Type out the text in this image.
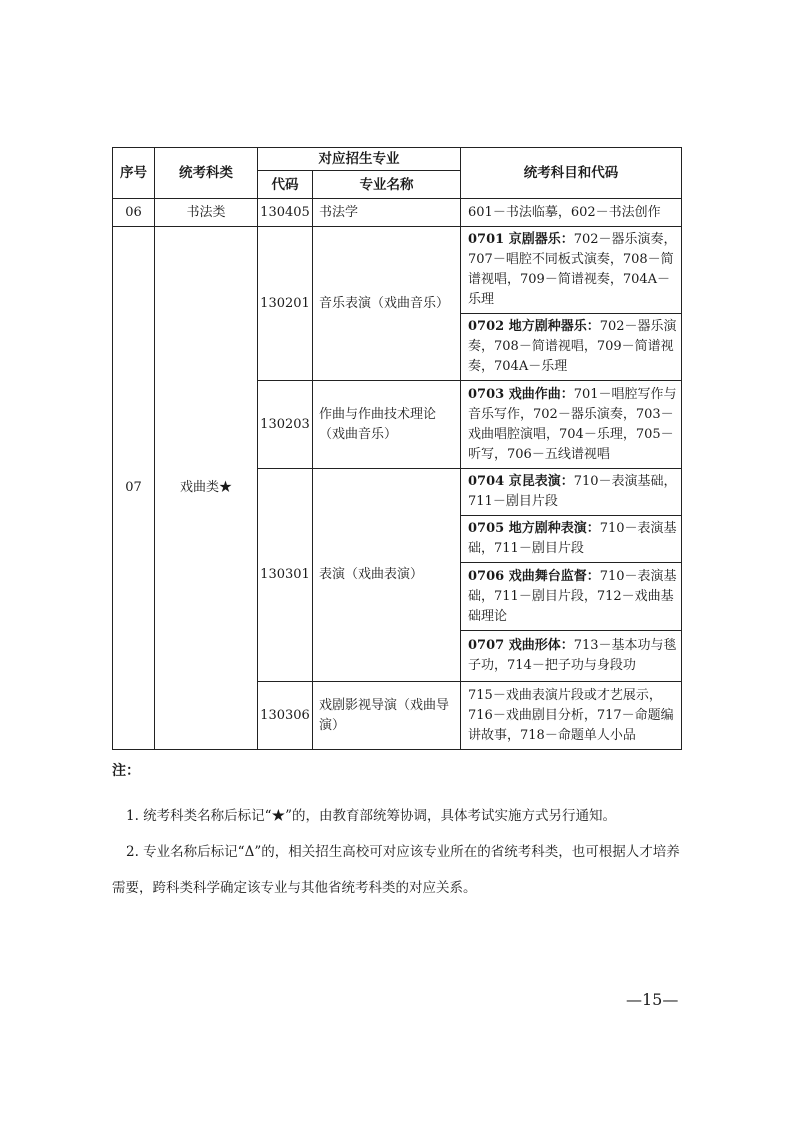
序号	统考科类	对应招生专业		统考科目和代码
		代码	专业名称	
06	书法类	130405	书法学	601－书法临摹，602－书法创作
07	戏曲类★	130201	音乐表演（戏曲音乐）	0701 京剧器乐：702－器乐演奏，707－唱腔不同板式演奏，708－简谱视唱，709－简谱视奏，704A－乐理
				0702 地方剧种器乐：702－器乐演奏，708－简谱视唱，709－简谱视奏，704A－乐理
		130203	作曲与作曲技术理论（戏曲音乐）	0703 戏曲作曲：701－唱腔写作与音乐写作，702－器乐演奏，703－戏曲唱腔演唱，704－乐理，705－听写，706－五线谱视唱
		130301	表演（戏曲表演）	0704 京昆表演：710－表演基础，711－剧目片段
				0705 地方剧种表演：710－表演基础，711－剧目片段
				0706 戏曲舞台监督：710－表演基础，711－剧目片段，712－戏曲基础理论
				0707 戏曲形体：713－基本功与毯子功，714－把子功与身段功
		130306	戏剧影视导演（戏曲导演）	715－戏曲表演片段或才艺展示，716－戏曲剧目分析，717－命题编讲故事，718－命题单人小品
注：

1. 统考科类名称后标记“★”的，由教育部统筹协调，具体考试实施方式另行通知。

2. 专业名称后标记“Δ”的，相关招生高校可对应该专业所在的省统考科类，也可根据人才培养需要，跨科类科学确定该专业与其他省统考科类的对应关系。

—15—
